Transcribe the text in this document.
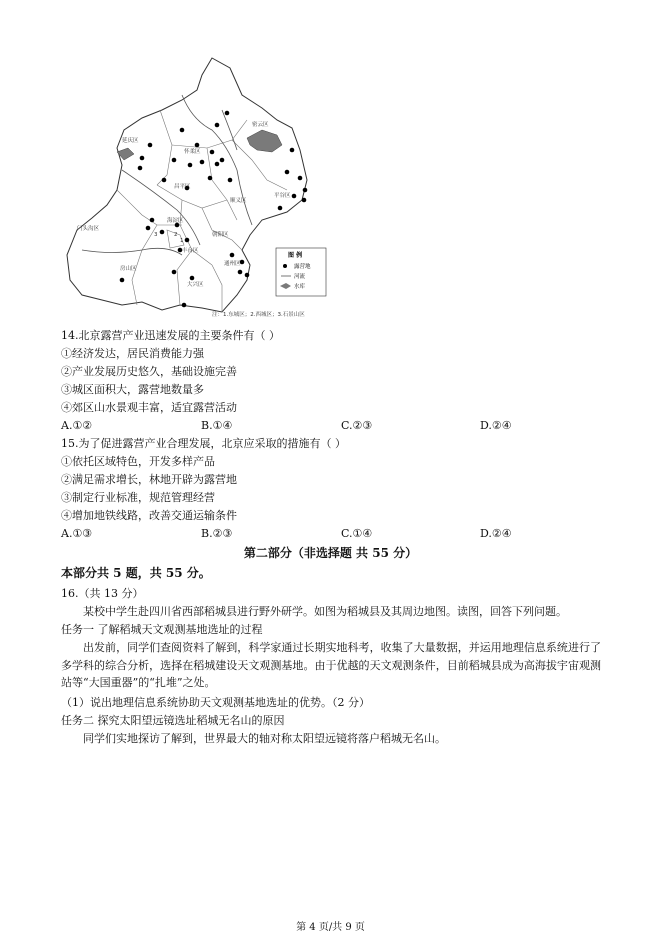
延庆区
怀柔区
密云区
昌平区
顺义区
平谷区
门头沟区
海淀区
朝阳区
丰台区
房山区
通州区
大兴区
3	2
1
图 例
露营地
河流
水库
注：1.东城区；2.西城区；3.石景山区
14.北京露营产业迅速发展的主要条件有（ ）
①经济发达，居民消费能力强
②产业发展历史悠久，基础设施完善
③城区面积大，露营地数量多
④郊区山水景观丰富，适宜露营活动
A.①②	B.①④	C.②③	D.②④
15.为了促进露营产业合理发展，北京应采取的措施有（ ）
①依托区域特色，开发多样产品
②满足需求增长，林地开辟为露营地
③制定行业标准，规范管理经营
④增加地铁线路，改善交通运输条件
A.①③	B.②③	C.①④	D.②④
第二部分（非选择题 共 55 分）
本部分共 5 题，共 55 分。
16.（共 13 分）
某校中学生赴四川省西部稻城县进行野外研学。如图为稻城县及其周边地图。读图，回答下列问题。
任务一 了解稻城天文观测基地选址的过程
出发前，同学们查阅资料了解到，科学家通过长期实地科考，收集了大量数据，并运用地理信息系统进行了多学科的综合分析，选择在稻城建设天文观测基地。由于优越的天文观测条件，目前稻城县成为高海拔宇宙观测站等“大国重器”的“扎堆”之处。
（1）说出地理信息系统协助天文观测基地选址的优势。（2 分）
任务二 探究太阳望远镜选址稻城无名山的原因
同学们实地探访了解到，世界最大的轴对称太阳望远镜将落户稻城无名山。
第 4 页/共 9 页
